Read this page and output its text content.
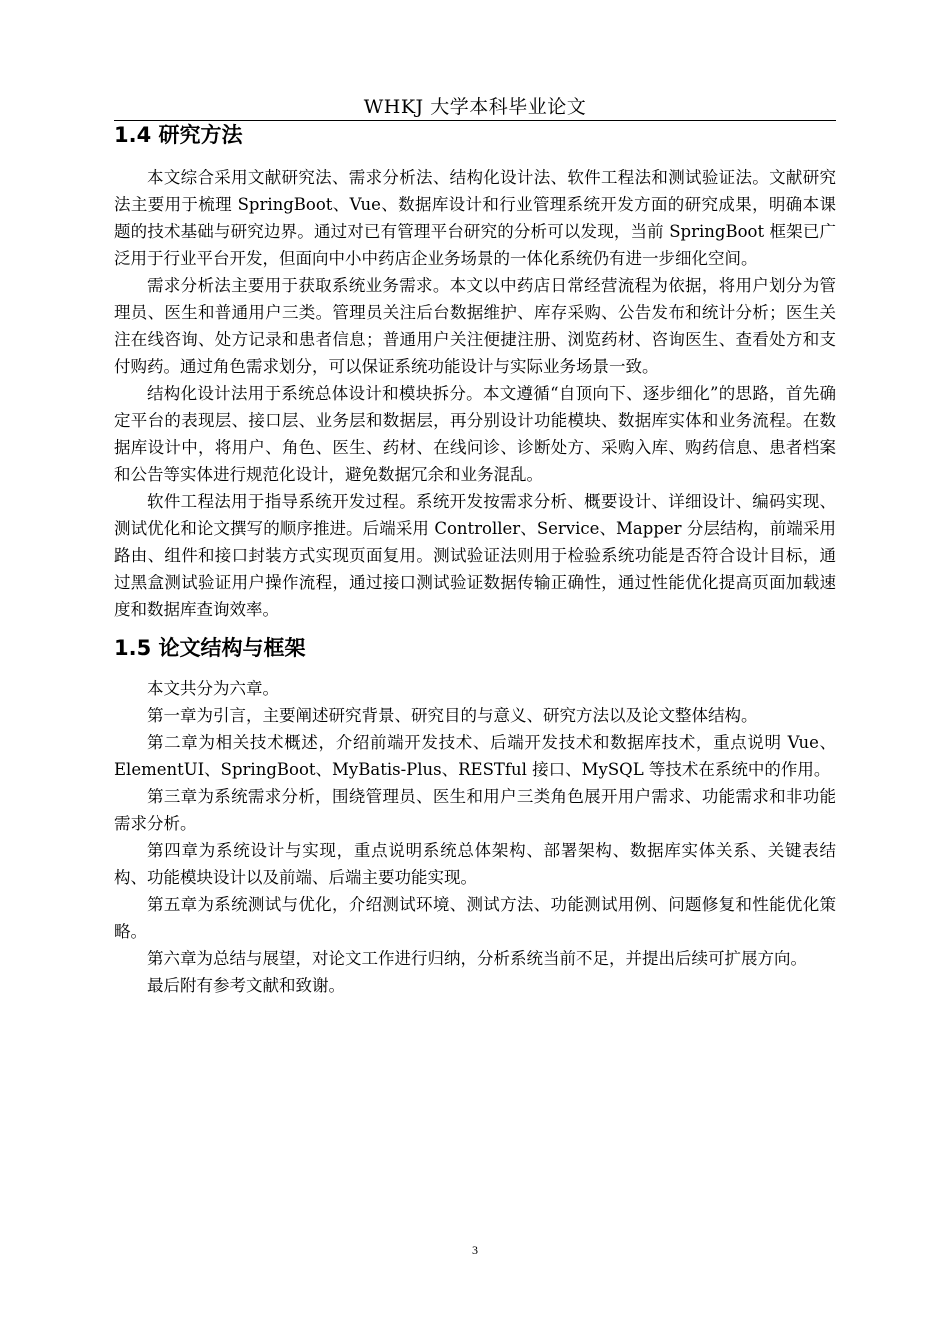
WHKJ 大学本科毕业论文
1.4 研究方法

本文综合采用文献研究法、需求分析法、结构化设计法、软件工程法和测试验证法。文献研究法主要用于梳理 SpringBoot、Vue、数据库设计和行业管理系统开发方面的研究成果，明确本课题的技术基础与研究边界。通过对已有管理平台研究的分析可以发现，当前 SpringBoot 框架已广泛用于行业平台开发，但面向中小中药店企业务场景的一体化系统仍有进一步细化空间。

需求分析法主要用于获取系统业务需求。本文以中药店日常经营流程为依据，将用户划分为管理员、医生和普通用户三类。管理员关注后台数据维护、库存采购、公告发布和统计分析；医生关注在线咨询、处方记录和患者信息；普通用户关注便捷注册、浏览药材、咨询医生、查看处方和支付购药。通过角色需求划分，可以保证系统功能设计与实际业务场景一致。

结构化设计法用于系统总体设计和模块拆分。本文遵循“自顶向下、逐步细化”的思路，首先确定平台的表现层、接口层、业务层和数据层，再分别设计功能模块、数据库实体和业务流程。在数据库设计中，将用户、角色、医生、药材、在线问诊、诊断处方、采购入库、购药信息、患者档案和公告等实体进行规范化设计，避免数据冗余和业务混乱。

软件工程法用于指导系统开发过程。系统开发按需求分析、概要设计、详细设计、编码实现、测试优化和论文撰写的顺序推进。后端采用 Controller、Service、Mapper 分层结构，前端采用路由、组件和接口封装方式实现页面复用。测试验证法则用于检验系统功能是否符合设计目标，通过黑盒测试验证用户操作流程，通过接口测试验证数据传输正确性，通过性能优化提高页面加载速度和数据库查询效率。

1.5 论文结构与框架

本文共分为六章。

第一章为引言，主要阐述研究背景、研究目的与意义、研究方法以及论文整体结构。

第二章为相关技术概述，介绍前端开发技术、后端开发技术和数据库技术，重点说明 Vue、ElementUI、SpringBoot、MyBatis-Plus、RESTful 接口、MySQL 等技术在系统中的作用。

第三章为系统需求分析，围绕管理员、医生和用户三类角色展开用户需求、功能需求和非功能需求分析。

第四章为系统设计与实现，重点说明系统总体架构、部署架构、数据库实体关系、关键表结构、功能模块设计以及前端、后端主要功能实现。

第五章为系统测试与优化，介绍测试环境、测试方法、功能测试用例、问题修复和性能优化策略。

第六章为总结与展望，对论文工作进行归纳，分析系统当前不足，并提出后续可扩展方向。

最后附有参考文献和致谢。

3
